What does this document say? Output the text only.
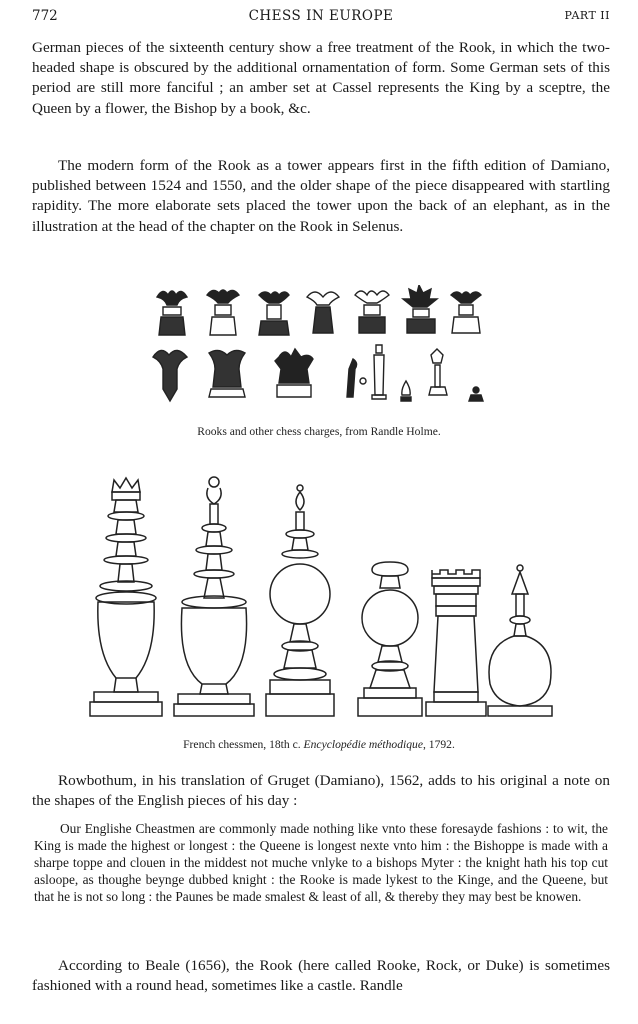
772	CHESS IN EUROPE	PART II

German pieces of the sixteenth century show a free treatment of the Rook, in which the two-headed shape is obscured by the additional ornamentation of form. Some German sets of this period are still more fanciful ; an amber set at Cassel represents the King by a sceptre, the Queen by a flower, the Bishop by a book, &c.

The modern form of the Rook as a tower appears first in the fifth edition of Damiano, published between 1524 and 1550, and the older shape of the piece disappeared with startling rapidity. The more elaborate sets placed the tower upon the back of an elephant, as in the illustration at the head of the chapter on the Rook in Selenus.

Rooks and other chess charges, from Randle Holme.
French chessmen, 18th c. Encyclopédie méthodique, 1792.

Rowbothum, in his translation of Gruget (Damiano), 1562, adds to his original a note on the shapes of the English pieces of his day :

Our Englishe Cheastmen are commonly made nothing like vnto these foresayde fashions : to wit, the King is made the highest or longest : the Queene is longest nexte vnto him : the Bishoppe is made with a sharpe toppe and clouen in the middest not muche vnlyke to a bishops Myter : the knight hath his top cut asloope, as thoughe beynge dubbed knight : the Rooke is made lykest to the Kinge, and the Queene, but that he is not so long : the Paunes be made smalest & least of all, & thereby they may best be knowen.

According to Beale (1656), the Rook (here called Rooke, Rock, or Duke) is sometimes fashioned with a round head, sometimes like a castle. Randle
